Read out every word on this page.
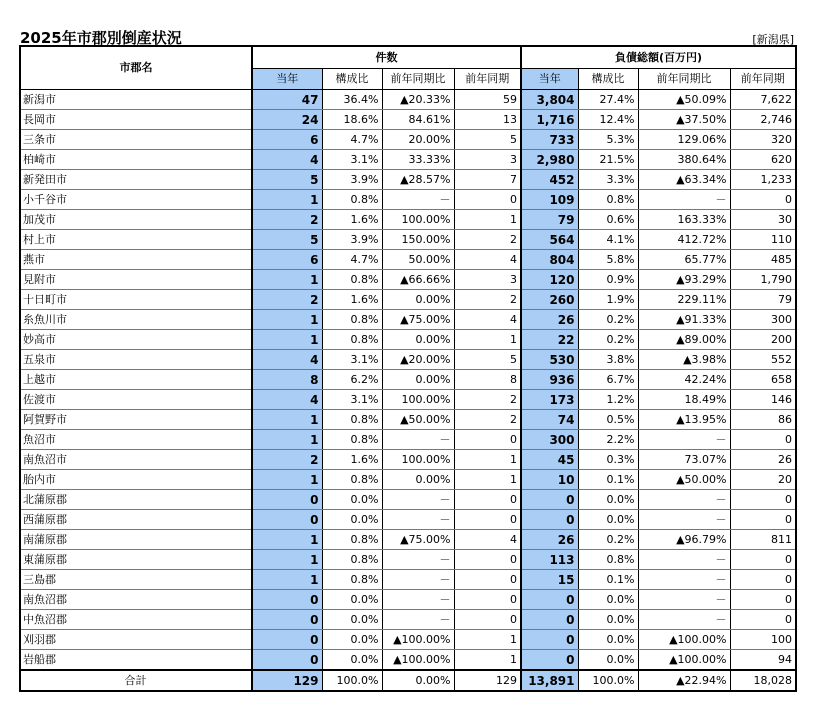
2025年市郡別倒産状況	[新潟県]
市郡名	件数				負債総額(百万円)			
	当年	構成比	前年同期比	前年同期	当年	構成比	前年同期比	前年同期
新潟市	47	36.4%	▲20.33%	59	3,804	27.4%	▲50.09%	7,622
長岡市	24	18.6%	84.61%	13	1,716	12.4%	▲37.50%	2,746
三条市	6	4.7%	20.00%	5	733	5.3%	129.06%	320
柏崎市	4	3.1%	33.33%	3	2,980	21.5%	380.64%	620
新発田市	5	3.9%	▲28.57%	7	452	3.3%	▲63.34%	1,233
小千谷市	1	0.8%	－	0	109	0.8%	－	0
加茂市	2	1.6%	100.00%	1	79	0.6%	163.33%	30
村上市	5	3.9%	150.00%	2	564	4.1%	412.72%	110
燕市	6	4.7%	50.00%	4	804	5.8%	65.77%	485
見附市	1	0.8%	▲66.66%	3	120	0.9%	▲93.29%	1,790
十日町市	2	1.6%	0.00%	2	260	1.9%	229.11%	79
糸魚川市	1	0.8%	▲75.00%	4	26	0.2%	▲91.33%	300
妙高市	1	0.8%	0.00%	1	22	0.2%	▲89.00%	200
五泉市	4	3.1%	▲20.00%	5	530	3.8%	▲3.98%	552
上越市	8	6.2%	0.00%	8	936	6.7%	42.24%	658
佐渡市	4	3.1%	100.00%	2	173	1.2%	18.49%	146
阿賀野市	1	0.8%	▲50.00%	2	74	0.5%	▲13.95%	86
魚沼市	1	0.8%	－	0	300	2.2%	－	0
南魚沼市	2	1.6%	100.00%	1	45	0.3%	73.07%	26
胎内市	1	0.8%	0.00%	1	10	0.1%	▲50.00%	20
北蒲原郡	0	0.0%	－	0	0	0.0%	－	0
西蒲原郡	0	0.0%	－	0	0	0.0%	－	0
南蒲原郡	1	0.8%	▲75.00%	4	26	0.2%	▲96.79%	811
東蒲原郡	1	0.8%	－	0	113	0.8%	－	0
三島郡	1	0.8%	－	0	15	0.1%	－	0
南魚沼郡	0	0.0%	－	0	0	0.0%	－	0
中魚沼郡	0	0.0%	－	0	0	0.0%	－	0
刈羽郡	0	0.0%	▲100.00%	1	0	0.0%	▲100.00%	100
岩船郡	0	0.0%	▲100.00%	1	0	0.0%	▲100.00%	94
合計	129	100.0%	0.00%	129	13,891	100.0%	▲22.94%	18,028
